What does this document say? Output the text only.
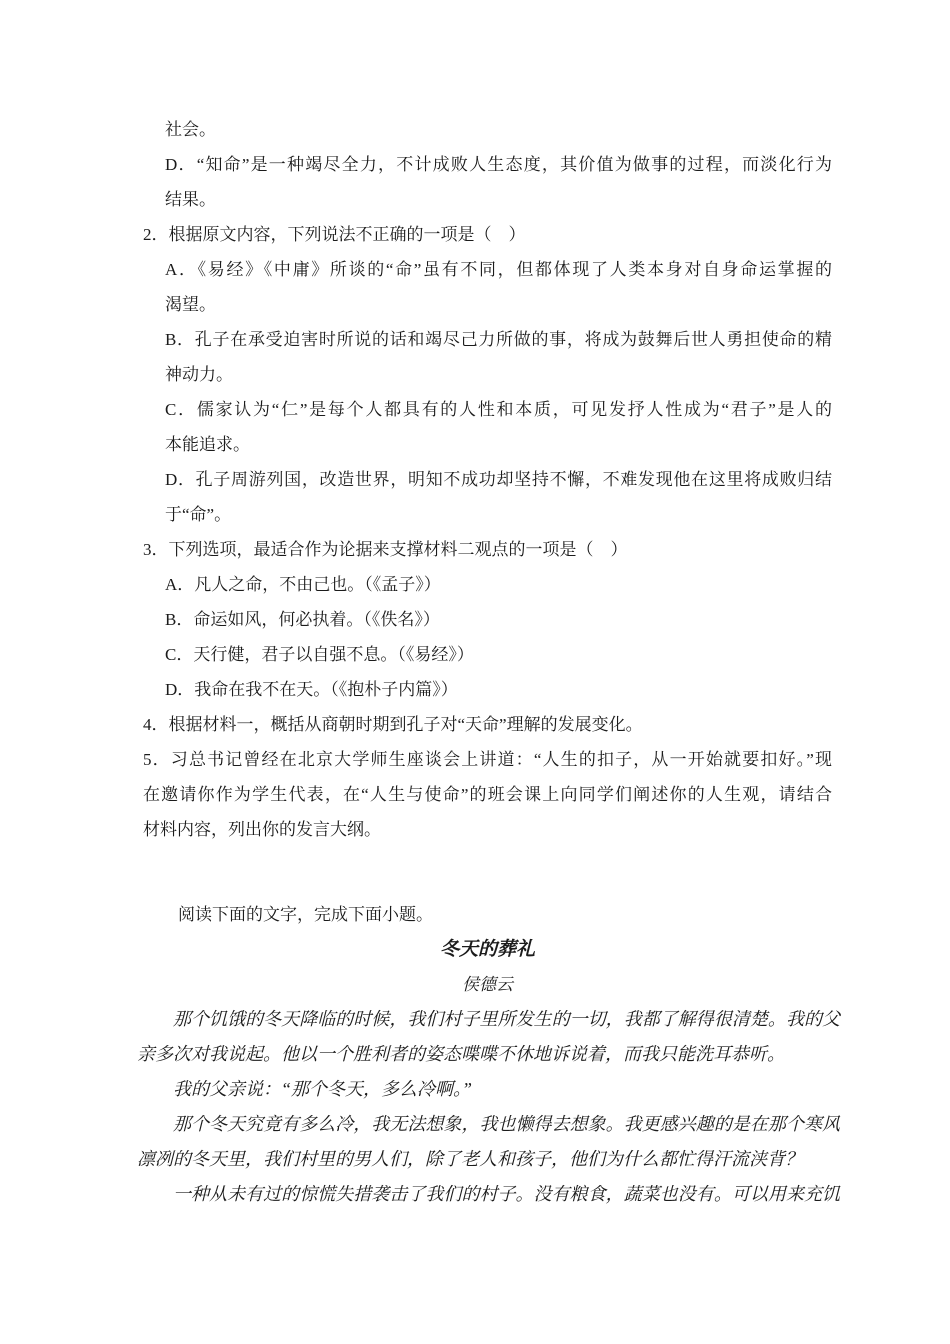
社会。
D．“知命”是一种竭尽全力，不计成败人生态度，其价值为做事的过程，而淡化行为
结果。
2．根据原文内容，下列说法不正确的一项是（　）
A．《易经》《中庸》所谈的“命”虽有不同，但都体现了人类本身对自身命运掌握的
渴望。
B．孔子在承受迫害时所说的话和竭尽己力所做的事，将成为鼓舞后世人勇担使命的精
神动力。
C．儒家认为“仁”是每个人都具有的人性和本质，可见发抒人性成为“君子”是人的
本能追求。
D．孔子周游列国，改造世界，明知不成功却坚持不懈，不难发现他在这里将成败归结
于“命”。
3．下列选项，最适合作为论据来支撑材料二观点的一项是（　）
A．凡人之命，不由己也。（《孟子》）
B．命运如风，何必执着。（《佚名》）
C．天行健，君子以自强不息。（《易经》）
D．我命在我不在天。（《抱朴子内篇》）
4．根据材料一，概括从商朝时期到孔子对“天命”理解的发展变化。
5．习总书记曾经在北京大学师生座谈会上讲道：“人生的扣子，从一开始就要扣好。”现
在邀请你作为学生代表，在“人生与使命”的班会课上向同学们阐述你的人生观，请结合
材料内容，列出你的发言大纲。
阅读下面的文字，完成下面小题。
冬天的葬礼
侯德云
那个饥饿的冬天降临的时候，我们村子里所发生的一切，我都了解得很清楚。我的父
亲多次对我说起。他以一个胜利者的姿态喋喋不休地诉说着，而我只能洗耳恭听。
我的父亲说：“那个冬天，多么冷啊。”
那个冬天究竟有多么冷，我无法想象，我也懒得去想象。我更感兴趣的是在那个寒风
凛冽的冬天里，我们村里的男人们，除了老人和孩子，他们为什么都忙得汗流浃背？
一种从未有过的惊慌失措袭击了我们的村子。没有粮食，蔬菜也没有。可以用来充饥
